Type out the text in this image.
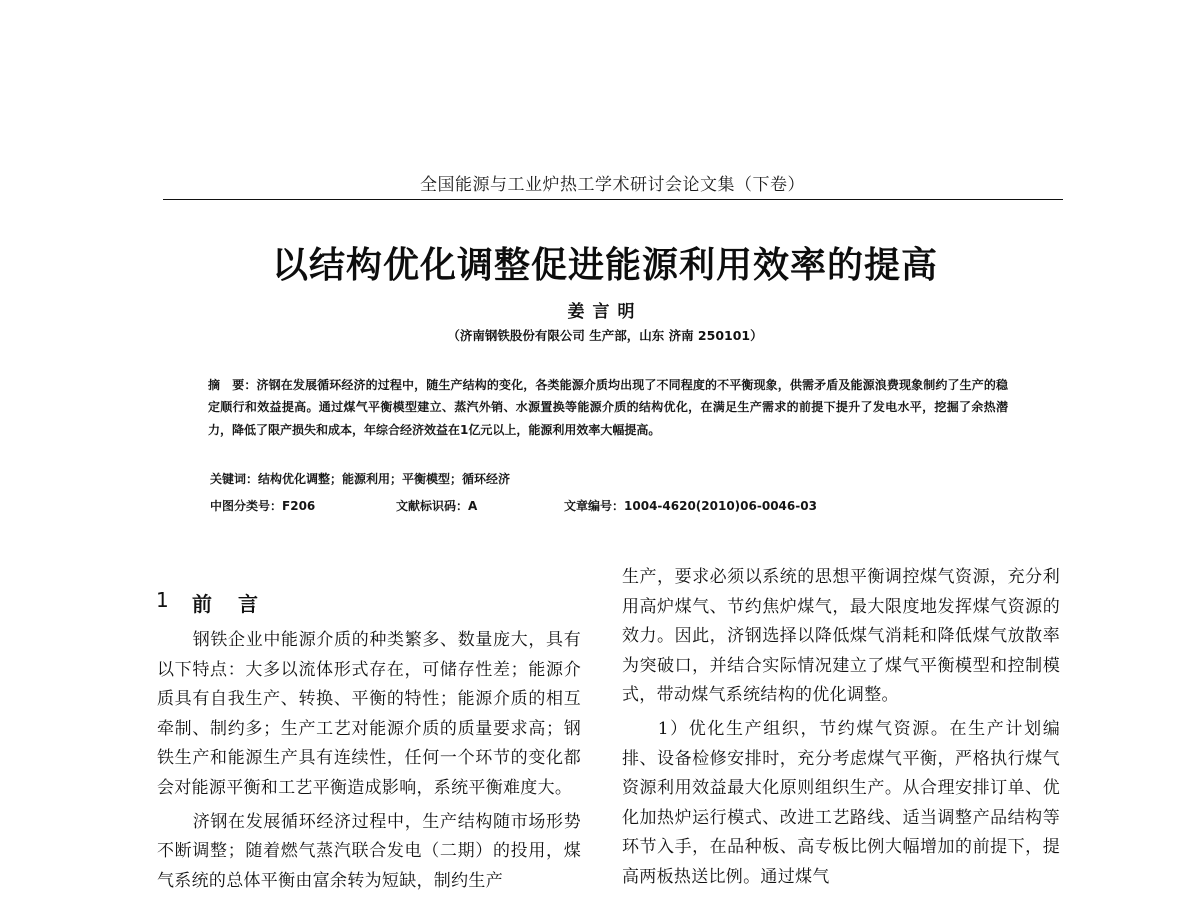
全国能源与工业炉热工学术研讨会论文集（下卷）
以结构优化调整促进能源利用效率的提高
姜言明
（济南钢铁股份有限公司 生产部，山东 济南 250101）
摘　要：济钢在发展循环经济的过程中，随生产结构的变化，各类能源介质均出现了不同程度的不平衡现象，供需矛盾及能源浪费现象制约了生产的稳定顺行和效益提高。通过煤气平衡模型建立、蒸汽外销、水源置换等能源介质的结构优化，在满足生产需求的前提下提升了发电水平，挖掘了余热潜力，降低了限产损失和成本，年综合经济效益在1亿元以上，能源利用效率大幅提高。
关键词：结构优化调整；能源利用；平衡模型；循环经济
中图分类号：F206	文献标识码：A	文章编号：1004-4620(2010)06-0046-03
1 前言

钢铁企业中能源介质的种类繁多、数量庞大，具有以下特点：大多以流体形式存在，可储存性差；能源介质具有自我生产、转换、平衡的特性；能源介质的相互牵制、制约多；生产工艺对能源介质的质量要求高；钢铁生产和能源生产具有连续性，任何一个环节的变化都会对能源平衡和工艺平衡造成影响，系统平衡难度大。

济钢在发展循环经济过程中，生产结构随市场形势不断调整；随着燃气蒸汽联合发电（二期）的投用，煤气系统的总体平衡由富余转为短缺，制约生产

生产，要求必须以系统的思想平衡调控煤气资源，充分利用高炉煤气、节约焦炉煤气，最大限度地发挥煤气资源的效力。因此，济钢选择以降低煤气消耗和降低煤气放散率为突破口，并结合实际情况建立了煤气平衡模型和控制模式，带动煤气系统结构的优化调整。

1）优化生产组织，节约煤气资源。在生产计划编排、设备检修安排时，充分考虑煤气平衡，严格执行煤气资源利用效益最大化原则组织生产。从合理安排订单、优化加热炉运行模式、改进工艺路线、适当调整产品结构等环节入手，在品种板、高专板比例大幅增加的前提下，提高两板热送比例。通过煤气
